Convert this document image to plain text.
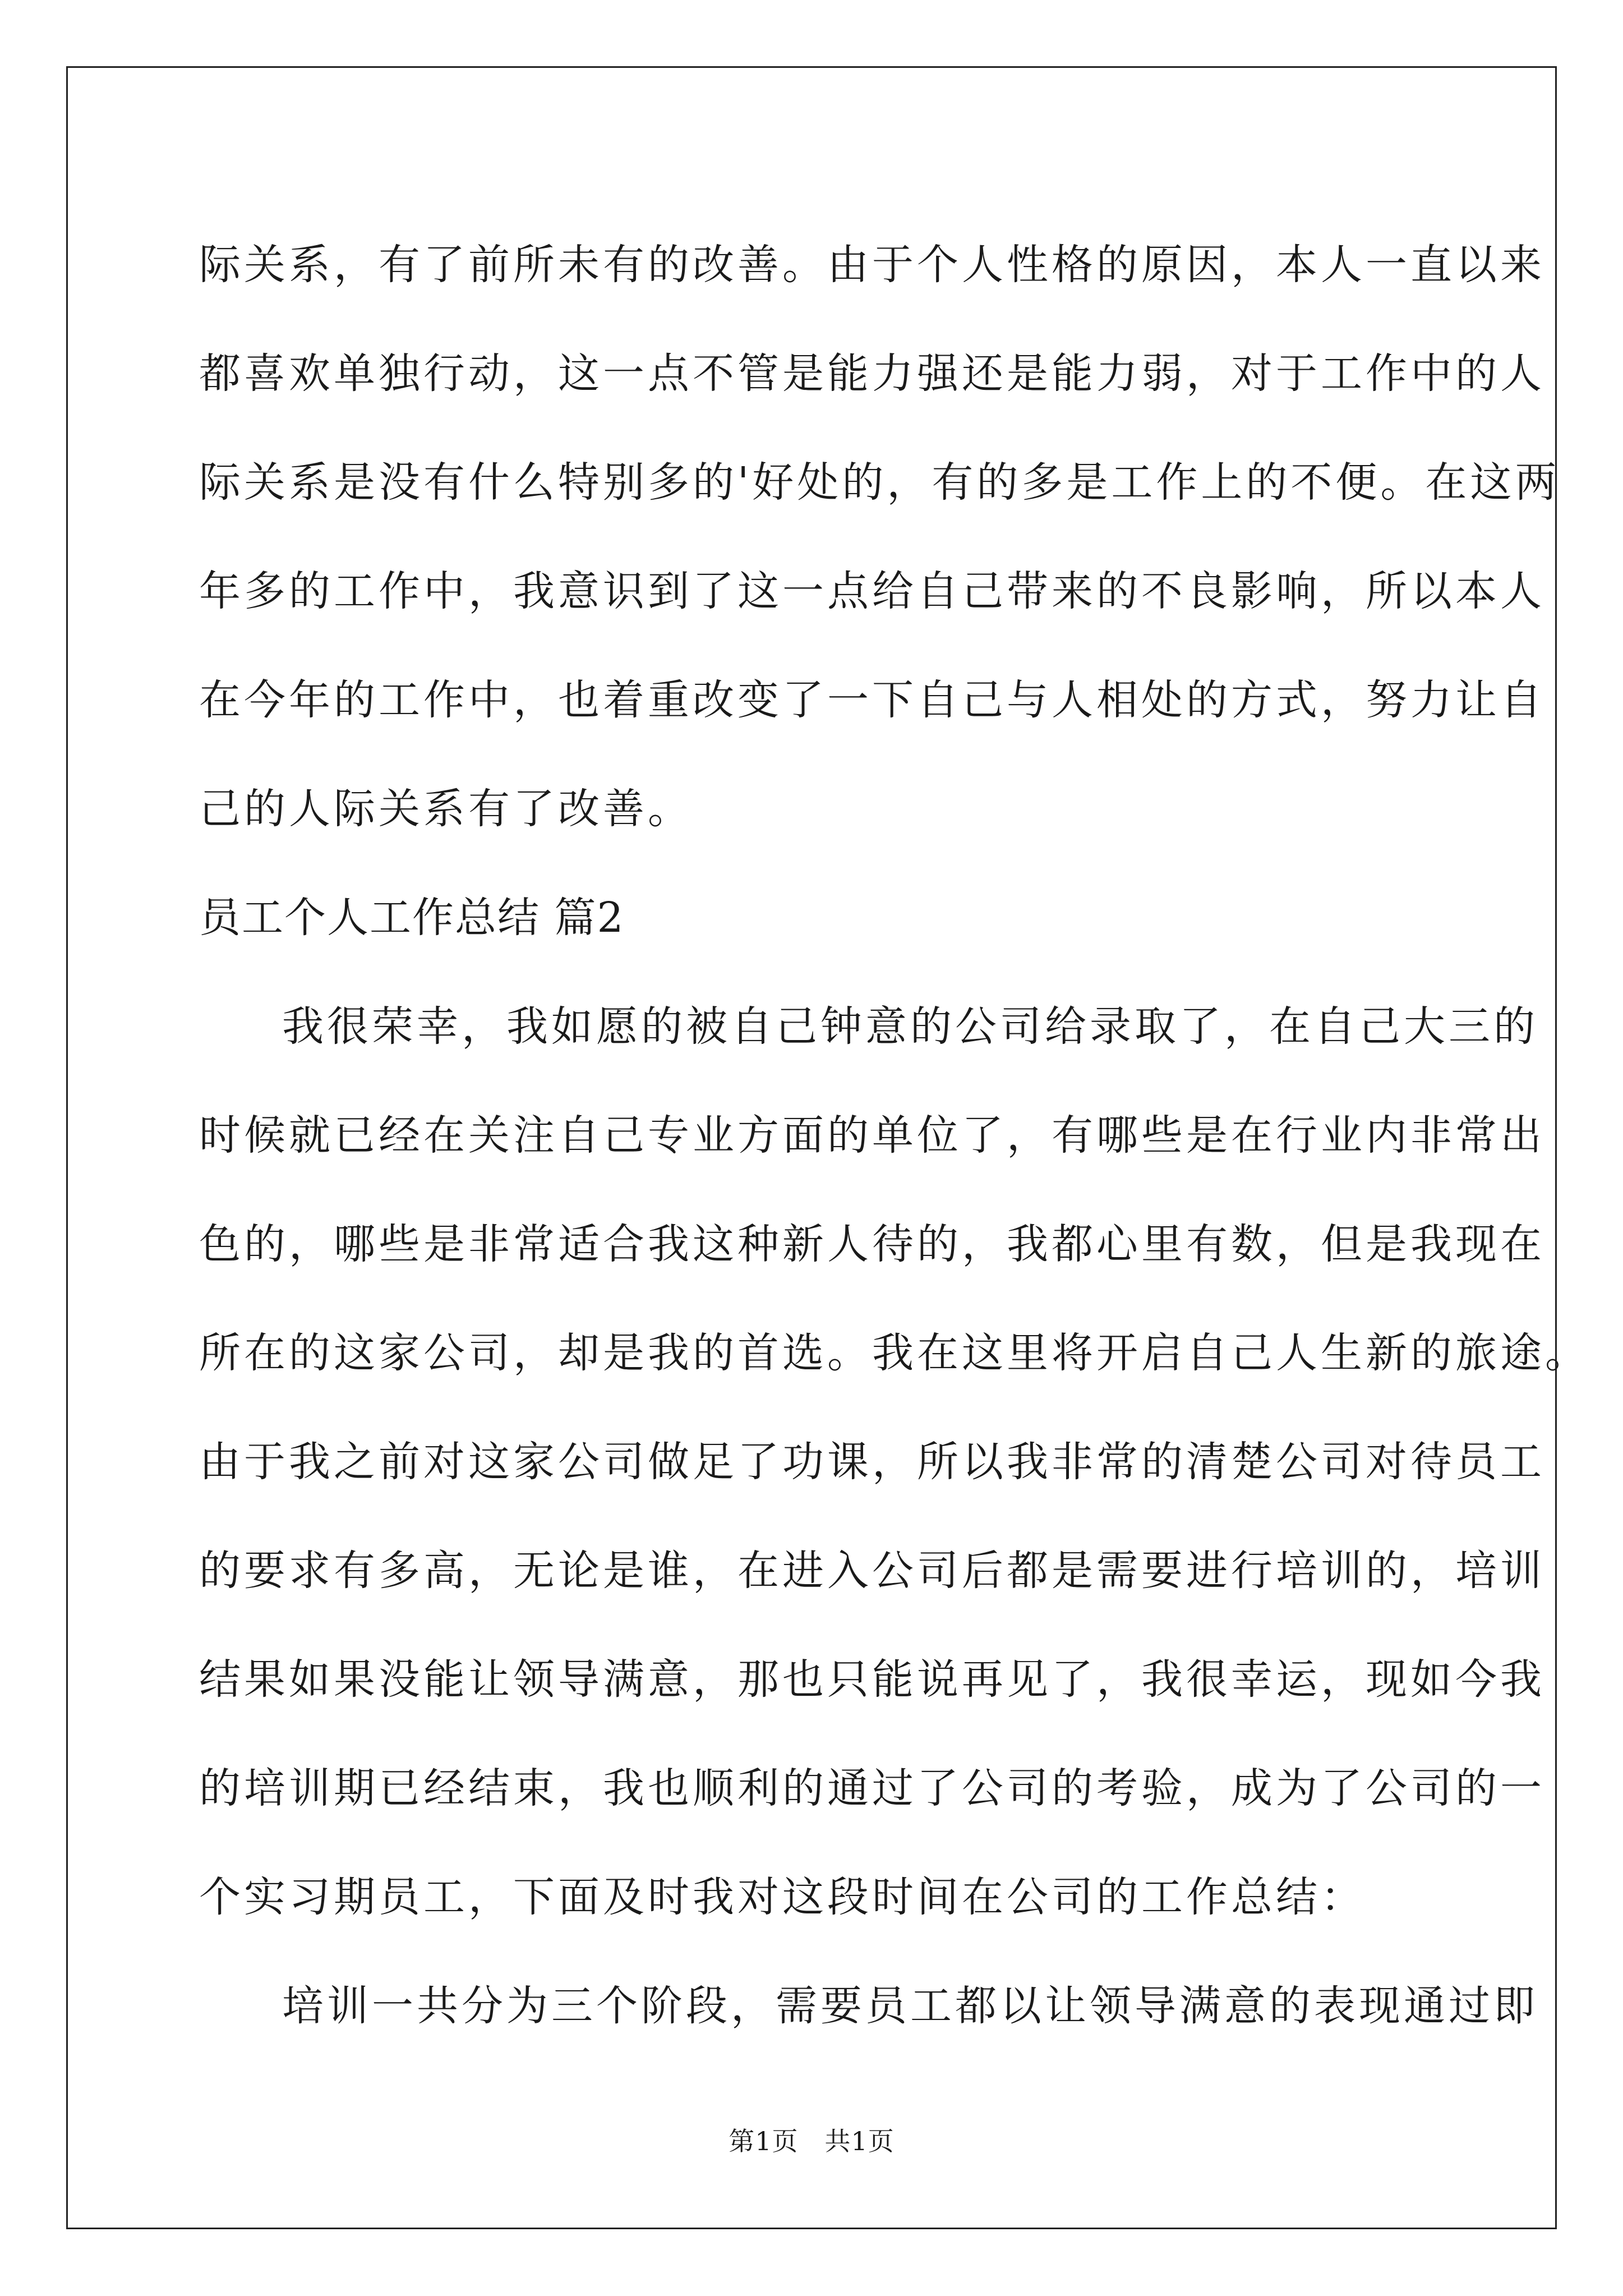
际关系，有了前所未有的改善。由于个人性格的原因，本人一直以来
都喜欢单独行动，这一点不管是能力强还是能力弱，对于工作中的人
际关系是没有什么特别多的'好处的，有的多是工作上的不便。在这两
年多的工作中，我意识到了这一点给自己带来的不良影响，所以本人
在今年的工作中，也着重改变了一下自己与人相处的方式，努力让自
己的人际关系有了改善。
员工个人工作总结 篇2
我很荣幸，我如愿的被自己钟意的公司给录取了，在自己大三的
时候就已经在关注自己专业方面的单位了，有哪些是在行业内非常出
色的，哪些是非常适合我这种新人待的，我都心里有数，但是我现在
所在的这家公司，却是我的首选。我在这里将开启自己人生新的旅途。
由于我之前对这家公司做足了功课，所以我非常的清楚公司对待员工
的要求有多高，无论是谁，在进入公司后都是需要进行培训的，培训
结果如果没能让领导满意，那也只能说再见了，我很幸运，现如今我
的培训期已经结束，我也顺利的通过了公司的考验，成为了公司的一
个实习期员工，下面及时我对这段时间在公司的工作总结：
培训一共分为三个阶段，需要员工都以让领导满意的表现通过即
第1页 共1页
